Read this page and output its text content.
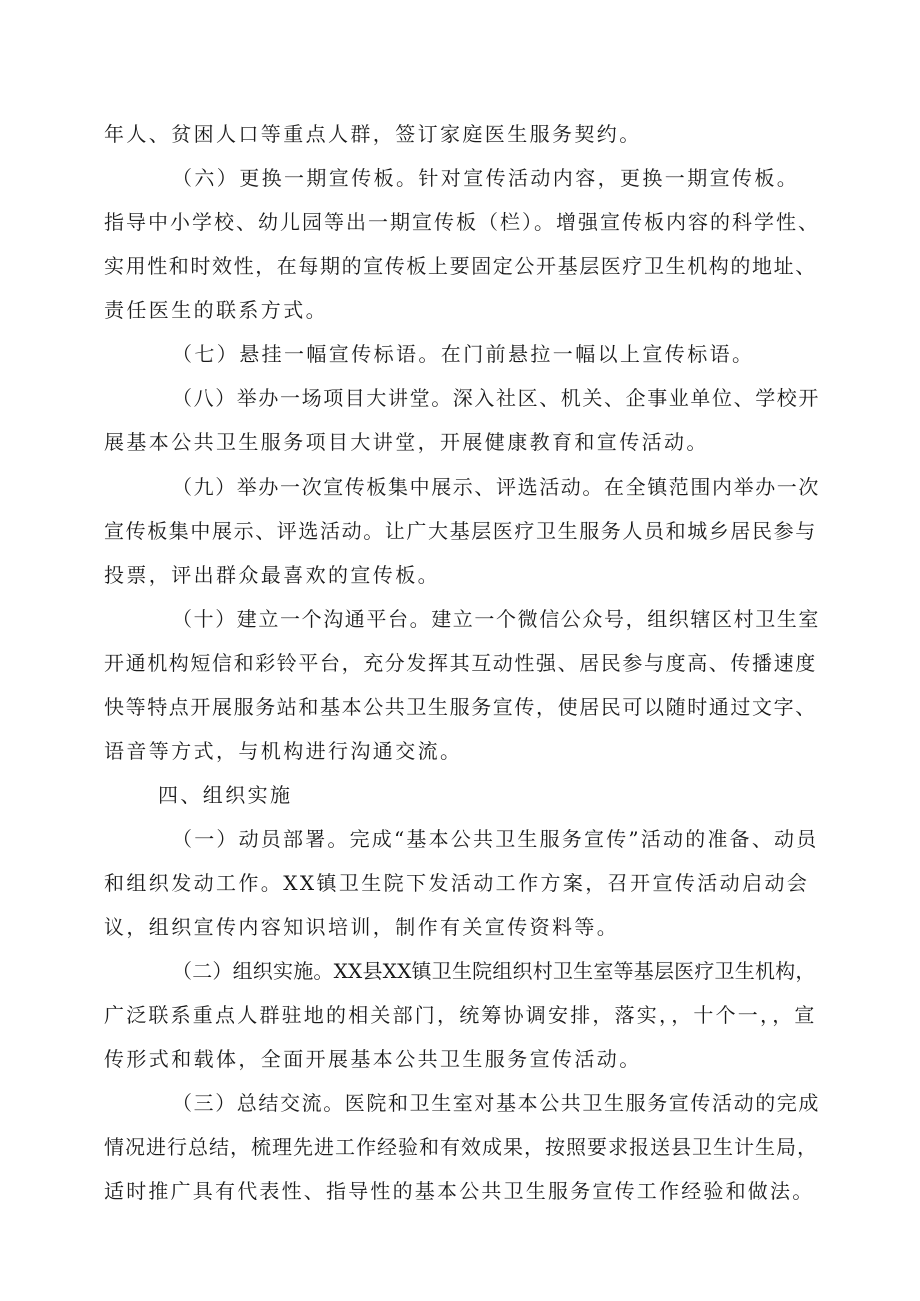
年人、贫困人口等重点人群，签订家庭医生服务契约。
（六）更换一期宣传板。针对宣传活动内容，更换一期宣传板。
指导中小学校、幼儿园等出一期宣传板（栏）。增强宣传板内容的科学性、
实用性和时效性，在每期的宣传板上要固定公开基层医疗卫生机构的地址、
责任医生的联系方式。
（七）悬挂一幅宣传标语。在门前悬拉一幅以上宣传标语。
（八）举办一场项目大讲堂。深入社区、机关、企事业单位、学校开
展基本公共卫生服务项目大讲堂，开展健康教育和宣传活动。
（九）举办一次宣传板集中展示、评选活动。在全镇范围内举办一次
宣传板集中展示、评选活动。让广大基层医疗卫生服务人员和城乡居民参与
投票，评出群众最喜欢的宣传板。
（十）建立一个沟通平台。建立一个微信公众号，组织辖区村卫生室
开通机构短信和彩铃平台，充分发挥其互动性强、居民参与度高、传播速度
快等特点开展服务站和基本公共卫生服务宣传，使居民可以随时通过文字、
语音等方式，与机构进行沟通交流。
四、组织实施
（一）动员部署。完成“基本公共卫生服务宣传”活动的准备、动员
和组织发动工作。XX镇卫生院下发活动工作方案，召开宣传活动启动会
议，组织宣传内容知识培训，制作有关宣传资料等。
（二）组织实施。XX县XX镇卫生院组织村卫生室等基层医疗卫生机构，
广泛联系重点人群驻地的相关部门，统筹协调安排，落实，，十个一，，宣
传形式和载体，全面开展基本公共卫生服务宣传活动。
（三）总结交流。医院和卫生室对基本公共卫生服务宣传活动的完成
情况进行总结，梳理先进工作经验和有效成果，按照要求报送县卫生计生局，
适时推广具有代表性、指导性的基本公共卫生服务宣传工作经验和做法。
